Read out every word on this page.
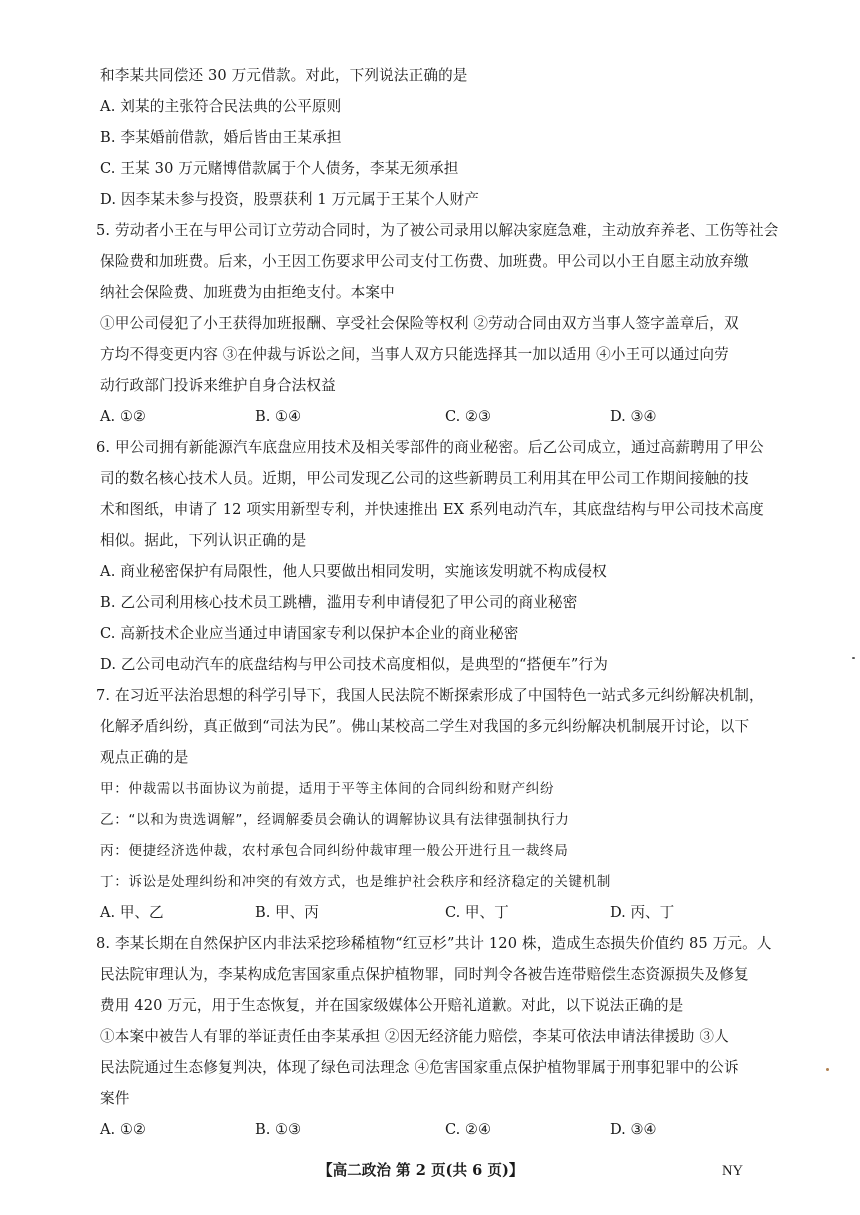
和李某共同偿还 30 万元借款。对此，下列说法正确的是
A. 刘某的主张符合民法典的公平原则
B. 李某婚前借款，婚后皆由王某承担
C. 王某 30 万元赌博借款属于个人债务，李某无须承担
D. 因李某未参与投资，股票获利 1 万元属于王某个人财产
5. 劳动者小王在与甲公司订立劳动合同时，为了被公司录用以解决家庭急难，主动放弃养老、工伤等社会
保险费和加班费。后来，小王因工伤要求甲公司支付工伤费、加班费。甲公司以小王自愿主动放弃缴
纳社会保险费、加班费为由拒绝支付。本案中
①甲公司侵犯了小王获得加班报酬、享受社会保险等权利 ②劳动合同由双方当事人签字盖章后，双
方均不得变更内容 ③在仲裁与诉讼之间，当事人双方只能选择其一加以适用 ④小王可以通过向劳
动行政部门投诉来维护自身合法权益
A. ①②	B. ①④	C. ②③	D. ③④
6. 甲公司拥有新能源汽车底盘应用技术及相关零部件的商业秘密。后乙公司成立，通过高薪聘用了甲公
司的数名核心技术人员。近期，甲公司发现乙公司的这些新聘员工利用其在甲公司工作期间接触的技
术和图纸，申请了 12 项实用新型专利，并快速推出 EX 系列电动汽车，其底盘结构与甲公司技术高度
相似。据此，下列认识正确的是
A. 商业秘密保护有局限性，他人只要做出相同发明，实施该发明就不构成侵权
B. 乙公司利用核心技术员工跳槽，滥用专利申请侵犯了甲公司的商业秘密
C. 高新技术企业应当通过申请国家专利以保护本企业的商业秘密
D. 乙公司电动汽车的底盘结构与甲公司技术高度相似，是典型的“搭便车”行为
7. 在习近平法治思想的科学引导下，我国人民法院不断探索形成了中国特色一站式多元纠纷解决机制，
化解矛盾纠纷，真正做到“司法为民”。佛山某校高二学生对我国的多元纠纷解决机制展开讨论，以下
观点正确的是
甲：仲裁需以书面协议为前提，适用于平等主体间的合同纠纷和财产纠纷
乙：“以和为贵选调解”，经调解委员会确认的调解协议具有法律强制执行力
丙：便捷经济选仲裁，农村承包合同纠纷仲裁审理一般公开进行且一裁终局
丁：诉讼是处理纠纷和冲突的有效方式，也是维护社会秩序和经济稳定的关键机制
A. 甲、乙	B. 甲、丙	C. 甲、丁	D. 丙、丁
8. 李某长期在自然保护区内非法采挖珍稀植物“红豆杉”共计 120 株，造成生态损失价值约 85 万元。人
民法院审理认为，李某构成危害国家重点保护植物罪，同时判令各被告连带赔偿生态资源损失及修复
费用 420 万元，用于生态恢复，并在国家级媒体公开赔礼道歉。对此，以下说法正确的是
①本案中被告人有罪的举证责任由李某承担 ②因无经济能力赔偿，李某可依法申请法律援助 ③人
民法院通过生态修复判决，体现了绿色司法理念 ④危害国家重点保护植物罪属于刑事犯罪中的公诉
案件
A. ①②	B. ①③	C. ②④	D. ③④
【高二政治 第 2 页(共 6 页)】	NY
